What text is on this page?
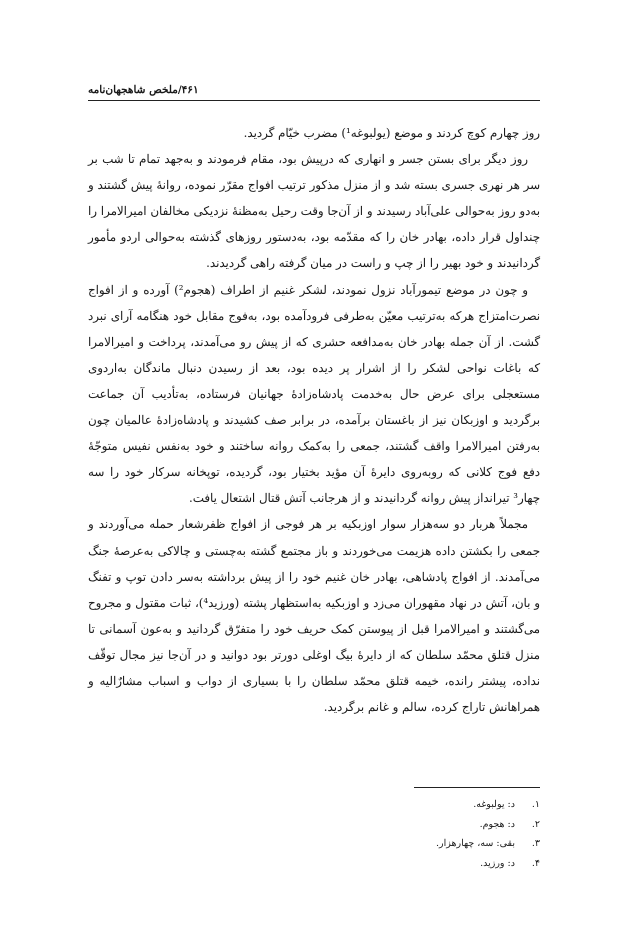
۴۶۱/ملخص شاهجهان‌نامه

روز چهارم کوچ کردند و موضع (یولبوغه¹) مضرب خیّام گردید.

روز دیگر برای بستن جسر و انهاری که درپیش بود، مقام فرمودند و به‌جهد تمام تا شب بر سر هر نهری جسری بسته شد و از منزل مذکور ترتیب افواج مقرّر نموده، روانهٔ پیش گشتند و به‌دو روز به‌حوالی علی‌آباد رسیدند و از آن‌جا وقت رحیل به‌مظنهٔ نزدیکی مخالفان امیرالامرا را چنداول قرار داده، بهادر خان را که مقدّمه بود، به‌دستور روزهای گذشته به‌حوالی اردو مأمور گردانیدند و خود بهیر را از چپ و راست در میان گرفته راهی گردیدند.

و چون در موضع تیمورآباد نزول نمودند، لشکر غنیم از اطراف (هجوم²) آورده و از افواج نصرت‌امتزاج هرکه به‌ترتیب معیّن به‌طرفی فرودآمده بود، به‌فوج مقابل خود هنگامه آرای نبرد گشت. از آن جمله بهادر خان به‌مدافعه حشری که از پیش رو می‌آمدند، پرداخت و امیرالامرا که باغات نواحی لشکر را از اشرار پر دیده بود، بعد از رسیدن دنبال ماندگان به‌اردوی مستعجلی برای عرض حال به‌خدمت پادشاه‌زادهٔ جهانیان فرستاده، به‌تأدیب آن جماعت برگردید و اوزبکان نیز از باغستان برآمده، در برابر صف کشیدند و پادشاه‌زادهٔ عالمیان چون به‌رفتن امیرالامرا واقف گشتند، جمعی را به‌کمک روانه ساختند و خود به‌نفس نفیس متوجّهٔ دفع فوج کلانی که روبه‌روی دایرهٔ آن مؤید بختیار بود، گردیده، توپخانه سرکار خود را سه چهار³ تیرانداز پیش روانه گردانیدند و از هرجانب آتش قتال اشتعال یافت.

مجملاً هربار دو سه‌هزار سوار اوزبکیه بر هر فوجی از افواج ظفرشعار حمله می‌آوردند و جمعی را بکشتن داده هزیمت می‌خوردند و باز مجتمع گشته به‌چستی و چالاکی به‌عرصهٔ جنگ می‌آمدند. از افواج پادشاهی، بهادر خان غنیم خود را از پیش برداشته به‌سر دادن توپ و تفنگ و بان، آتش در نهاد مقهوران می‌زد و اوزبکیه به‌استظهار پشته (ورزید⁴)، ثبات مقتول و مجروح می‌گشتند و امیرالامرا قبل از پیوستن کمک حریف خود را متفرّق گردانید و به‌عون آسمانی تا منزل قتلق محمّد سلطان که از دایرهٔ بیگ اوغلی دورتر بود دوانید و در آن‌جا نیز مجال توقّف نداده، پیشتر رانده، خیمه قتلق محمّد سلطان را با بسیاری از دواب و اسباب مشارٌالیه و همراهانش تاراج کرده، سالم و غانم برگردید.

۱. د: یولبوغه.
۲. د: هجوم.
۳. بقی: سه، چهارهزار.
۴. د: ورزید.
